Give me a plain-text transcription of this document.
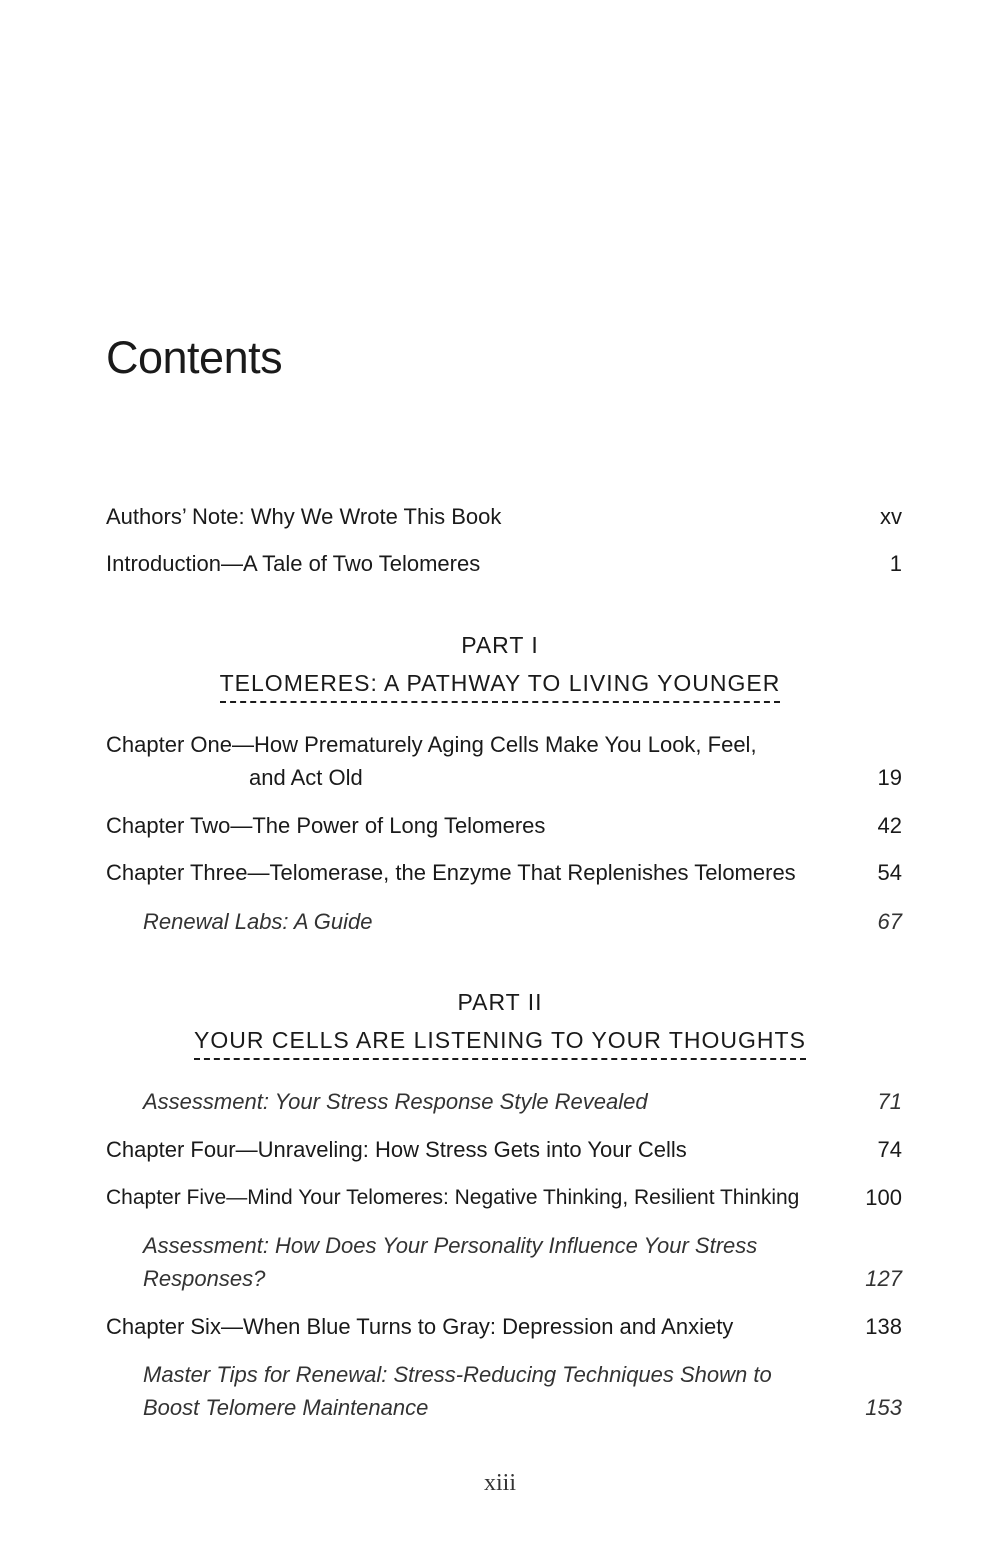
Contents
Authors’ Note: Why We Wrote This Book	xv
Introduction—A Tale of Two Telomeres	1
PART I
TELOMERES: A PATHWAY TO LIVING YOUNGER
Chapter One—How Prematurely Aging Cells Make You Look, Feel,
and Act Old	19
Chapter Two—The Power of Long Telomeres	42
Chapter Three—Telomerase, the Enzyme That Replenishes Telomeres	54
Renewal Labs: A Guide	67
PART II
YOUR CELLS ARE LISTENING TO YOUR THOUGHTS
Assessment: Your Stress Response Style Revealed	71
Chapter Four—Unraveling: How Stress Gets into Your Cells	74
Chapter Five—Mind Your Telomeres: Negative Thinking, Resilient Thinking	100
Assessment: How Does Your Personality Influence Your Stress
Responses?	127
Chapter Six—When Blue Turns to Gray: Depression and Anxiety	138
Master Tips for Renewal: Stress-Reducing Techniques Shown to
Boost Telomere Maintenance	153
xiii
